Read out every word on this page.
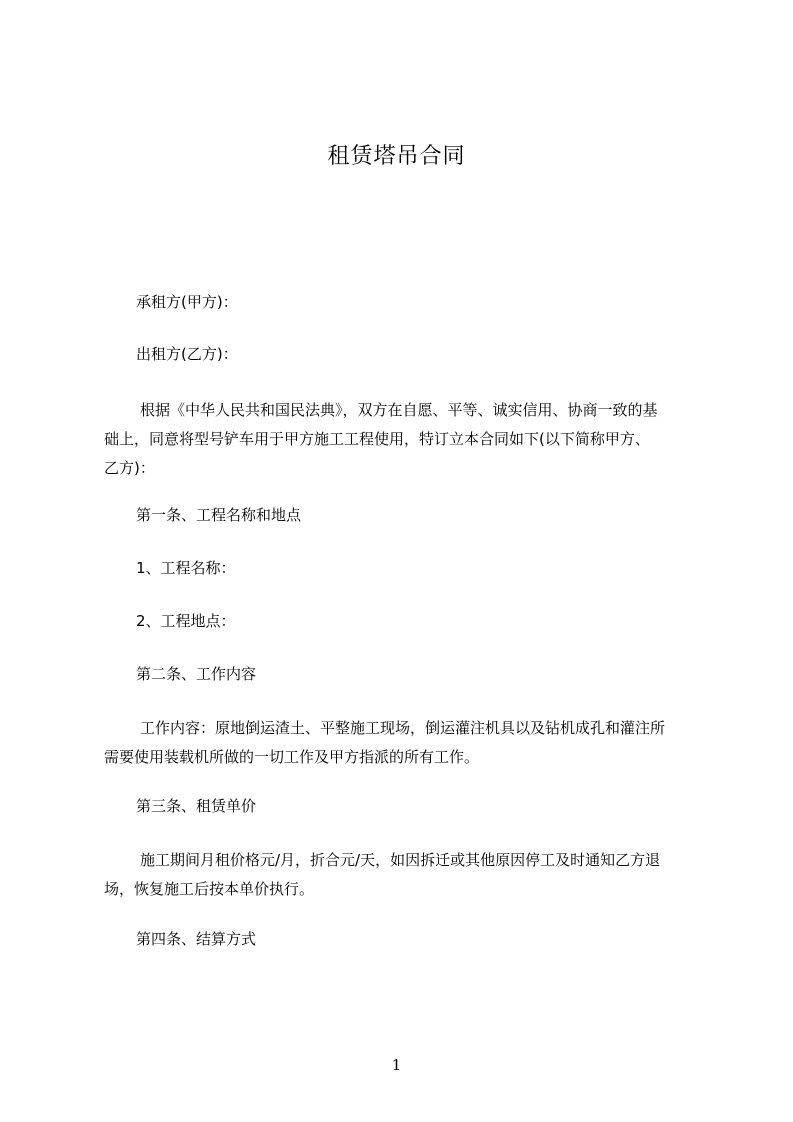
租赁塔吊合同
承租方(甲方)：
出租方(乙方)：
根据《中华人民共和国民法典》，双方在自愿、平等、诚实信用、协商一致的基
础上，同意将型号铲车用于甲方施工工程使用，特订立本合同如下(以下简称甲方、
乙方)：
第一条、工程名称和地点
1、工程名称：
2、工程地点：
第二条、工作内容
工作内容：原地倒运渣土、平整施工现场，倒运灌注机具以及钻机成孔和灌注所
需要使用装载机所做的一切工作及甲方指派的所有工作。
第三条、租赁单价
施工期间月租价格元/月，折合元/天，如因拆迁或其他原因停工及时通知乙方退
场，恢复施工后按本单价执行。
第四条、结算方式
1
